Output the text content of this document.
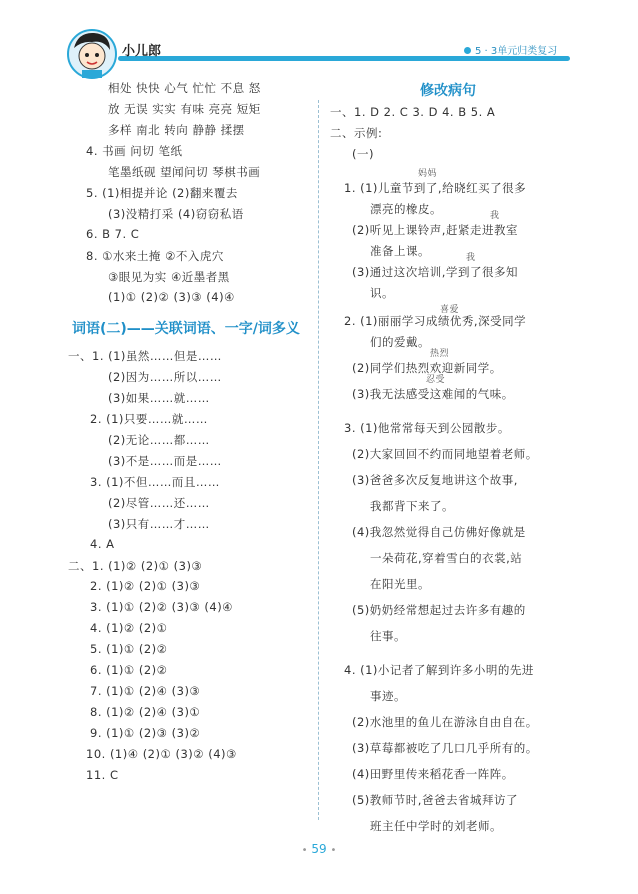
小儿郎	5 · 3单元归类复习
相处 快快 心气 忙忙 不息 怒
放 无误 实实 有味 亮亮 短矩
多样 南北 转向 静静 揉摆
4. 书画 问切 笔纸
笔墨纸砚 望闻问切 琴棋书画
5. (1)相提并论 (2)翻来覆去
(3)没精打采 (4)窃窃私语
6. B 7. C
8. ①水来土掩 ②不入虎穴
③眼见为实 ④近墨者黑
(1)① (2)② (3)③ (4)④
词语(二)——关联词语、一字/词多义
一、1. (1)虽然……但是……
(2)因为……所以……
(3)如果……就……
2. (1)只要……就……
(2)无论……都……
(3)不是……而是……
3. (1)不但……而且……
(2)尽管……还……
(3)只有……才……
4. A
二、1. (1)② (2)① (3)③
2. (1)② (2)① (3)③
3. (1)① (2)② (3)③ (4)④
4. (1)② (2)①
5. (1)① (2)②
6. (1)① (2)②
7. (1)① (2)④ (3)③
8. (1)② (2)④ (3)①
9. (1)① (2)③ (3)②
10. (1)④ (2)① (3)② (4)③
11. C
修改病句
一、1. D 2. C 3. D 4. B 5. A
二、示例:
(一)
妈妈
1. (1)儿童节到了,给晓红买了很多
漂亮的橡皮。	我
(2)听见上课铃声,赶紧走进教室
准备上课。	我
(3)通过这次培训,学到了很多知
识。
2. (1)丽丽学习成绩优秀,深受同学
喜爱
们的爱戴。
热烈
(2)同学们热烈欢迎新同学。
忍受
(3)我无法感受这难闻的气味。
3. (1)他常常每天到公园散步。
(2)大家回回不约而同地望着老师。
(3)爸爸多次反复地讲这个故事,
我都背下来了。
(4)我忽然觉得自己仿佛好像就是
一朵荷花,穿着雪白的衣裳,站
在阳光里。
(5)奶奶经常想起过去许多有趣的
往事。
4. (1)小记者了解到许多小明的先进
事迹。
(2)水池里的鱼儿在游泳自由自在。
(3)草莓都被吃了几口几乎所有的。
(4)田野里传来稻花香一阵阵。
(5)教师节时,爸爸去省城拜访了
班主任中学时的刘老师。
• 59 •
